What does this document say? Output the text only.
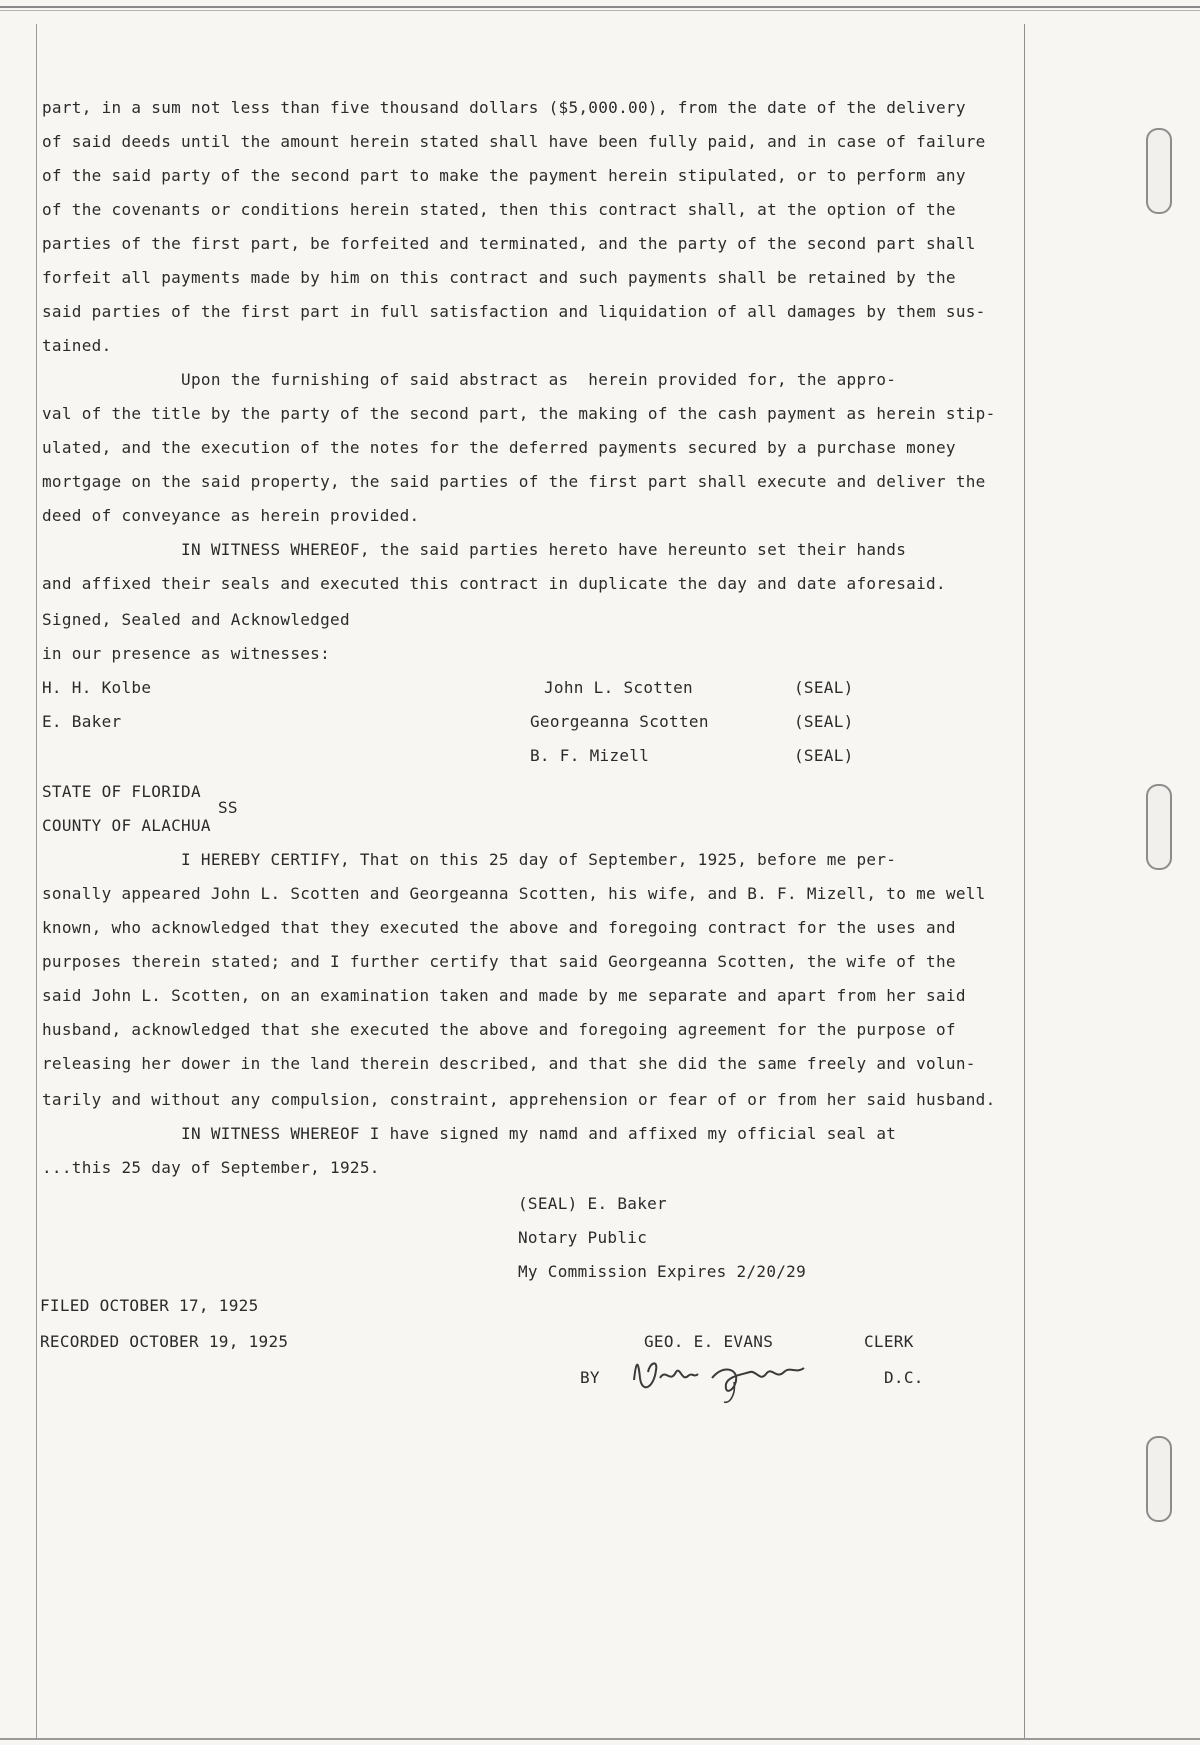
part, in a sum not less than five thousand dollars ($5,000.00), from the date of the delivery
of said deeds until the amount herein stated shall have been fully paid, and in case of failure
of the said party of the second part to make the payment herein stipulated, or to perform any
of the covenants or conditions herein stated, then this contract shall, at the option of the
parties of the first part, be forfeited and terminated, and the party of the second part shall
forfeit all payments made by him on this contract and such payments shall be retained by the
said parties of the first part in full satisfaction and liquidation of all damages by them sus-
tained.
Upon the furnishing of said abstract as  herein provided for, the appro-
val of the title by the party of the second part, the making of the cash payment as herein stip-
ulated, and the execution of the notes for the deferred payments secured by a purchase money
mortgage on the said property, the said parties of the first part shall execute and deliver the
deed of conveyance as herein provided.
IN WITNESS WHEREOF, the said parties hereto have hereunto set their hands
and affixed their seals and executed this contract in duplicate the day and date aforesaid.
Signed, Sealed and Acknowledged
in our presence as witnesses:
H. H. Kolbe
E. Baker
John L. Scotten	(SEAL)
Georgeanna Scotten	(SEAL)
B. F. Mizell	(SEAL)
STATE OF FLORIDA
SS
COUNTY OF ALACHUA
I HEREBY CERTIFY, That on this 25 day of September, 1925, before me per-
sonally appeared John L. Scotten and Georgeanna Scotten, his wife, and B. F. Mizell, to me well
known, who acknowledged that they executed the above and foregoing contract for the uses and
purposes therein stated; and I further certify that said Georgeanna Scotten, the wife of the
said John L. Scotten, on an examination taken and made by me separate and apart from her said
husband, acknowledged that she executed the above and foregoing agreement for the purpose of
releasing her dower in the land therein described, and that she did the same freely and volun-
tarily and without any compulsion, constraint, apprehension or fear of or from her said husband.
IN WITNESS WHEREOF I have signed my namd and affixed my official seal at
...this 25 day of September, 1925.
(SEAL) E. Baker
Notary Public
My Commission Expires 2/20/29
FILED OCTOBER 17, 1925
RECORDED OCTOBER 19, 1925	GEO. E. EVANS	CLERK
BY	D.C.
